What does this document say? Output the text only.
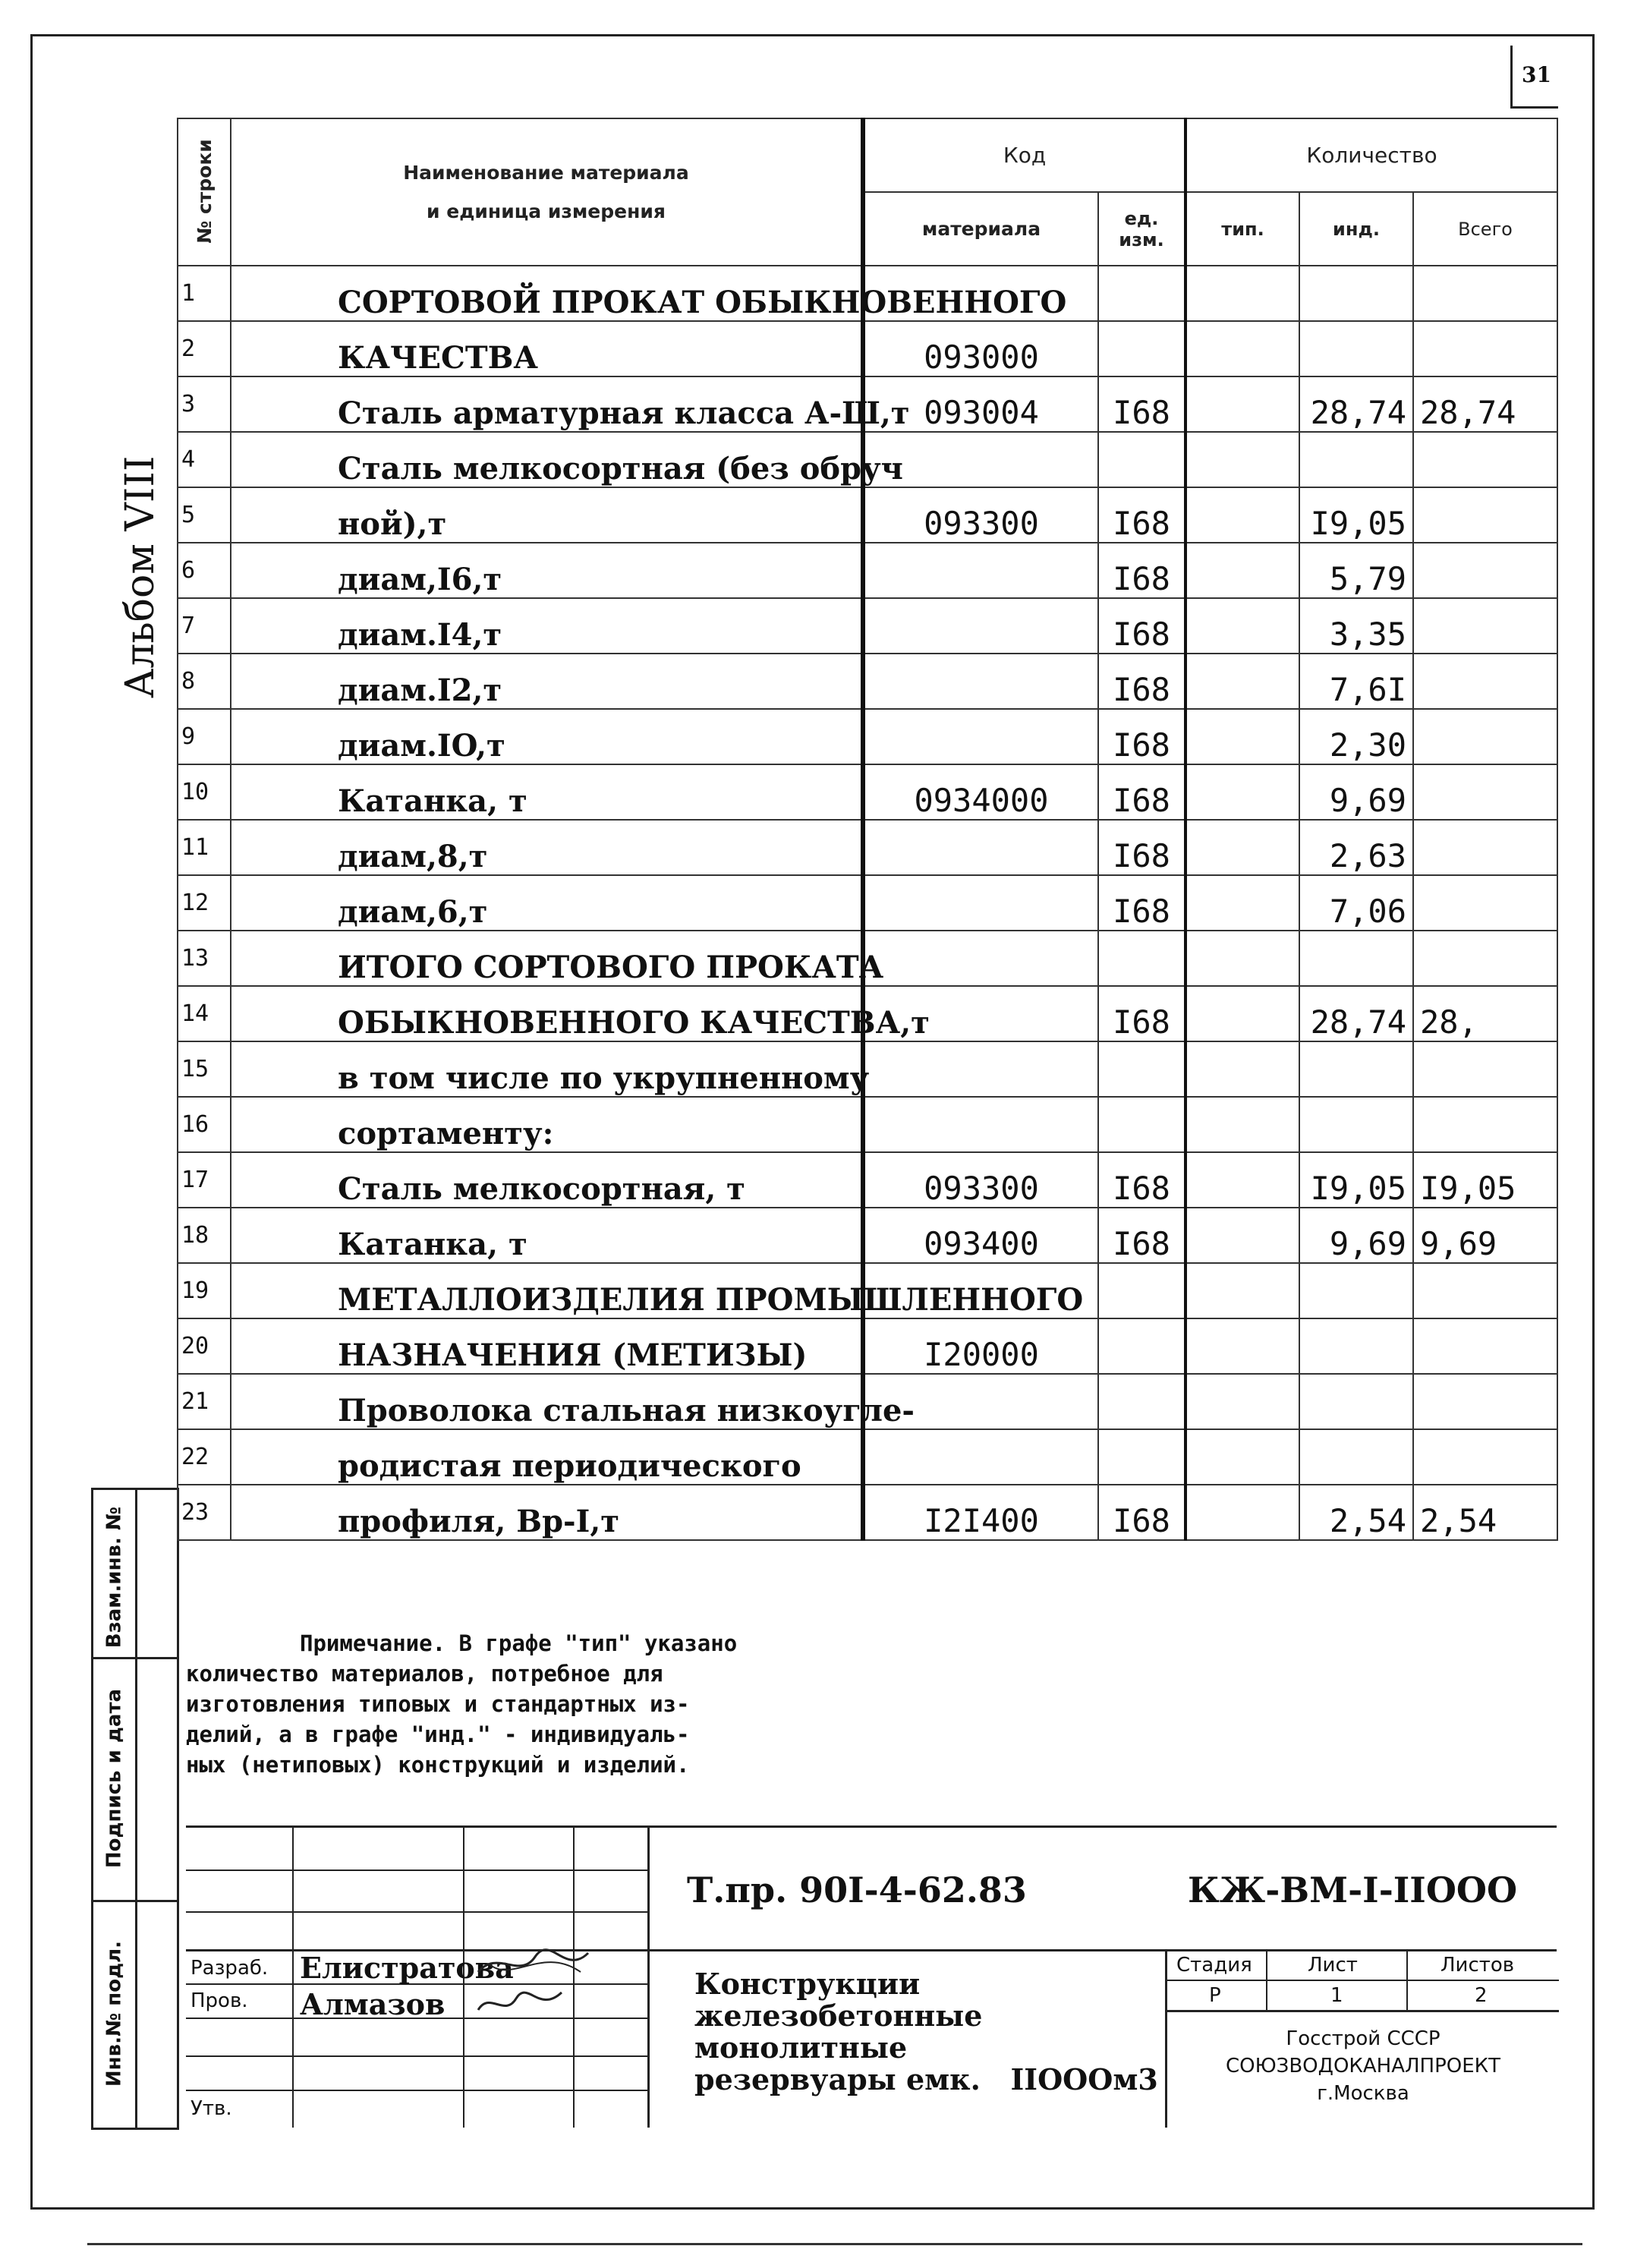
31
Альбом VIII
Взам.инв. №
Подпись и дата
Инв.№ подл.
№ строки	Наименование материала
и единица измерения	Код		Количество		
		материала	ед. изм.	тип.	инд.	Всего
1	СОРТОВОЙ ПРОКАТ ОБЫКНОВЕННОГО					
2	КАЧЕСТВА	093000				
3	Сталь арматурная класса А-Ш,т	093004	I68		28,74	28,74
4	Сталь мелкосортная (без обруч					
5	ной),т	093300	I68		I9,05	
6	диам,I6,т		I68		5,79	
7	диам.I4,т		I68		3,35	
8	диам.I2,т		I68		7,6I	
9	диам.IO,т		I68		2,30	
10	Катанка, т	0934000	I68		9,69	
11	диам,8,т		I68		2,63	
12	диам,6,т		I68		7,06	
13	ИТОГО СОРТОВОГО ПРОКАТА					
14	ОБЫКНОВЕННОГО КАЧЕСТВА,т		I68		28,74	28,
15	в том числе по укрупненному					
16	сортаменту:					
17	Сталь мелкосортная, т	093300	I68		I9,05	I9,05
18	Катанка, т	093400	I68		9,69	9,69
19	МЕТАЛЛОИЗДЕЛИЯ ПРОМЫШЛЕННОГО					
20	НАЗНАЧЕНИЯ (МЕТИЗЫ)	I20000				
21	Проволока стальная низкоугле-					
22	родистая периодического					
23	профиля, Вр-I,т	I2I400	I68		2,54	2,54
Примечание. В графе "тип" указано
количество материалов, потребное для
изготовления типовых и стандартных из-
делий, а в графе "инд." - индивидуаль-
ных (нетиповых) конструкций и изделий.
Разраб.
Пров.
Утв.
Елистратова
Алмазов
Т.пр. 90I-4-62.83	КЖ-ВМ-I-IIООО
Конструкции
железобетонные
монолитные
резервуары емк.   IIOOOм3
Стадия	Лист	Листов
Р	1	2
Госстрой СССР
СОЮЗВОДОКАНАЛПРОЕКТ
г.Москва
